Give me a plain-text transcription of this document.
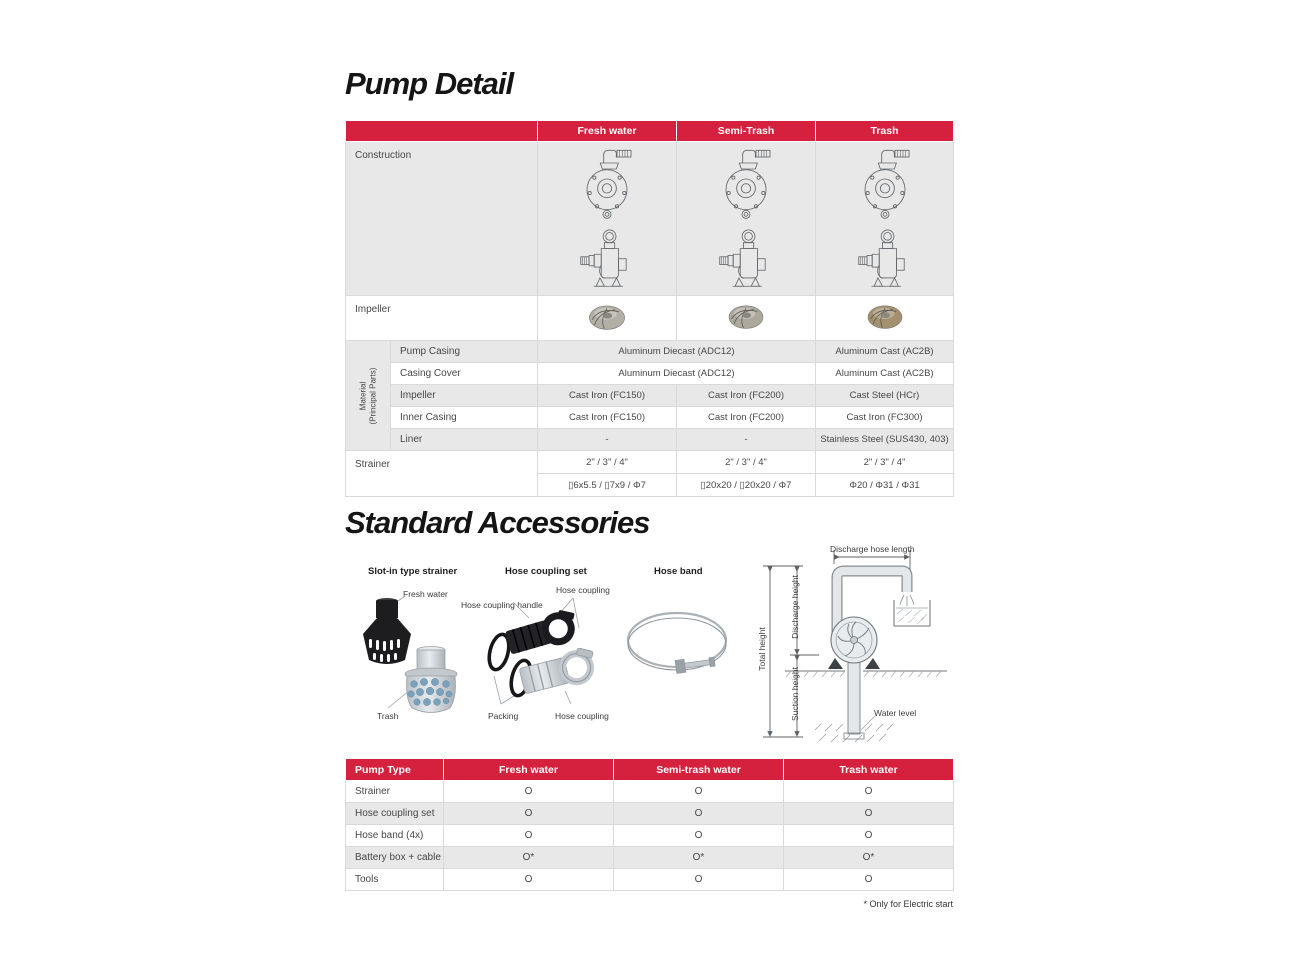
Pump Detail
Standard Accessories
		Fresh water	Semi-Trash	Trash
Construction	

Impeller			

Material (Principal Parts)	Pump Casing	Aluminum Diecast (ADC12)		Aluminum Cast (AC2B)
	Casing Cover	Aluminum Diecast (ADC12)		Aluminum Cast (AC2B)
	Impeller	Cast Iron (FC150)	Cast Iron (FC200)	Cast Steel (HCr)
	Inner Casing	Cast Iron (FC150)	Cast Iron (FC200)	Cast Iron (FC300)
	Liner	-	-	Stainless Steel (SUS430, 403)
Strainer		2" / 3" / 4"	2" / 3" / 4"	2" / 3" / 4"
		▯6x5.5 / ▯7x9 / Φ7	▯20x20 / ▯20x20 / Φ7	Φ20 / Φ31 / Φ31
Slot-in type strainer	Hose coupling set	Hose band
Fresh water
Trash
Hose coupling handle
Hose coupling
Packing	Hose coupling
Discharge hose length
Total height
Discharge height
Suction height	Water level
Pump Type	Fresh water	Semi-trash water	Trash water
Strainer	O	O	O
Hose coupling set	O	O	O
Hose band (4x)	O	O	O
Battery box + cable	O*	O*	O*
Tools	O	O	O
* Only for Electric start
